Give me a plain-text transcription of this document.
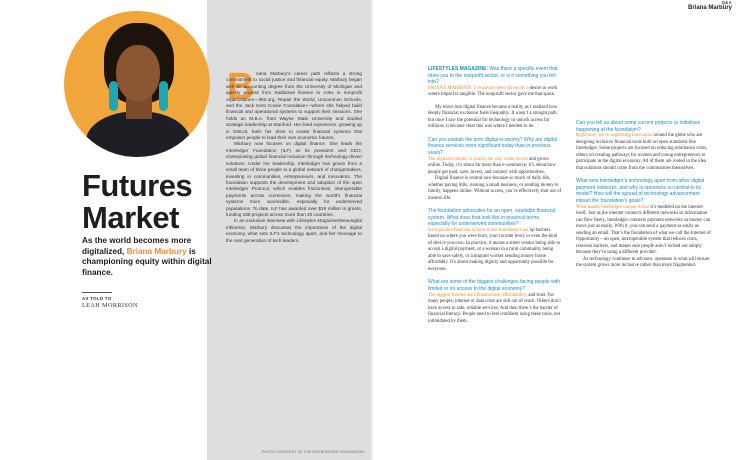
Futures
Market
As the world becomes more digitalized, Briana Marbury is championing equity within digital finance.
AS TOLD TO
LEAH MORRISON
B riana Marbury’s career path reflects a strong commitment to social justice and financial equity. Marbury began with an accounting degree from the University of Michigan and quickly pivoted from traditional finance to roles in nonprofit organizations—350.org, Repair the World, Uncommon Schools, and the Jack Kent Cooke Foundation—where she helped build financial and operational systems to support their missions. She holds an M.B.A. from Wayne State University and studied strategic leadership at Stanford. Her lived experience, growing up in Detroit, fuels her drive to create financial systems that empower people to lead their own economic futures.

Marbury now focuses on digital finance. She leads the Interledger Foundation (ILF) as its president and CEO, championing global financial inclusion through technology-driven solutions. Under her leadership, Interledger has grown from a small team of three people to a global network of changemakers, investing in communities, entrepreneurs, and innovators. The foundation supports the development and adoption of the open Interledger Protocol, which enables frictionless, interoperable payments across currencies, making the world’s financial systems more accessible, especially for underserved populations. To date, ILF has awarded over $19 million in grants, funding 188 projects across more than 40 countries.

In an exclusive interview with Lifestyles Magazine/Meaningful Influence, Marbury discusses the importance of the digital economy, what sets ILF’s technology apart, and her message to the next generation of tech leaders.

PHOTO COURTESY OF THE INTERLEDGER FOUNDATION
Q&A
Briana Marbury

LIFESTYLES MAGAZINE: Was there a specific event that drew you to the nonprofit sector, or is it something you fell into?

BRIANA MARBURY: I’ve always been driven by a desire to work where impact is tangible. The nonprofit sector gave me that space.

My move into digital finance became a reality as I realized how deeply financial exclusion fuels inequality. It wasn’t a straight path, but once I saw the potential for technology to unlock access for millions, it became clear this was where I needed to be.

Can you explain the term digital economy? Why are digital finance services more significant today than in previous years?

The digital economy is simply the way value moves and grows online. Today, it’s about far more than e-commerce; it’s about how people get paid, save, invest, and connect with opportunities.

Digital finance is central now because so much of daily life, whether paying bills, running a small business, or sending money to family, happens online. Without access, you’re effectively shut out of modern life.

The foundation advocates for an open, equitable financial system. What does that look like in practical terms, especially for underserved communities?

An equitable financial system is one that doesn’t put up barriers based on where you were born, your income level, or even the kind of device you own. In practice, it means a street vendor being able to accept a digital payment, or a woman in a rural community being able to save safely, or a migrant worker sending money home affordably. It’s about making dignity and opportunity possible for everyone.

What are some of the biggest challenges facing people with limited or no access to the digital economy?

The biggest hurdles are infrastructure, affordability, and trust. For many people, internet or data costs are still out of reach. Others don’t have access to safe, reliable services. And then there’s the barrier of financial literacy. People need to feel confident using these tools, not intimidated by them.

Can you tell us about some current projects or initiatives happening at the foundation?

Right now, we’re supporting innovators around the globe who are designing inclusive financial tools built on open standards like Interledger. Some projects are focused on reducing remittance costs, others on creating pathways for women and young entrepreneurs to participate in the digital economy. All of them are rooted in the idea that solutions should come from the communities themselves.

What sets Interledger’s technology apart from other digital payment networks, and why is openness so central to its model? How will the spread of technology advancement impact the foundation’s goals?

What makes Interledger unique is that it’s modeled on the internet itself. Just as the internet connects different networks so information can flow freely, Interledger connects payment networks so money can move just as easily. With it, you can send a payment as easily as sending an email. That’s the foundation of what we call the Internet of Opportunity—an open, interoperable system that reduces costs, removes barriers, and makes sure people aren’t locked out simply because they’re using a different provider.

As technology continues to advance, openness is what will ensure the system grows more inclusive rather than more fragmented.
